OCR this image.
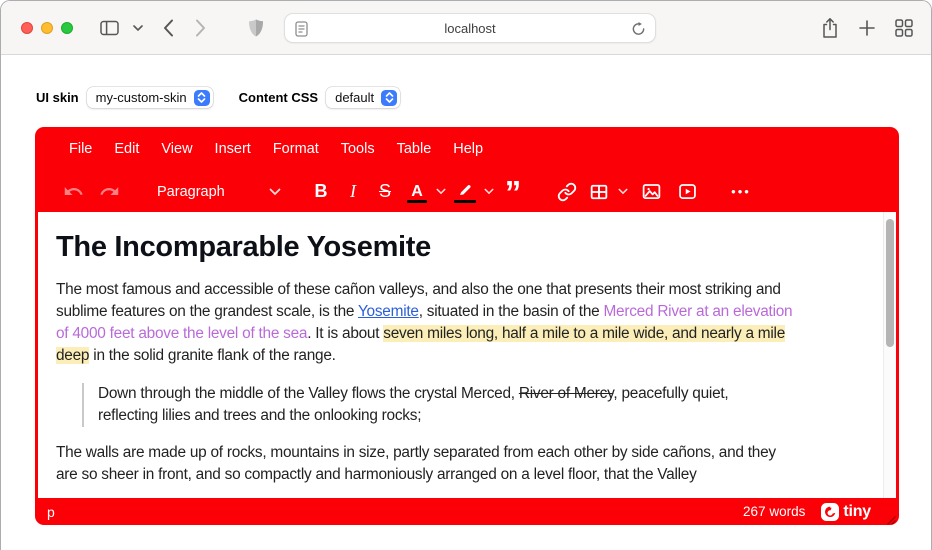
localhost
UI skin my-custom-skin	Content CSS default
File	Edit	View	Insert	Format	Tools	Table	Help
Paragraph	B I S A ”	•••
The Incomparable Yosemite
The most famous and accessible of these cañon valleys, and also the one that presents their most striking and
sublime features on the grandest scale, is the Yosemite, situated in the basin of the Merced River at an elevation
of 4000 feet above the level of the sea. It is about seven miles long, half a mile to a mile wide, and nearly a mile
deep in the solid granite flank of the range.
Down through the middle of the Valley flows the crystal Merced, River of Mercy, peacefully quiet,
reflecting lilies and trees and the onlooking rocks;
The walls are made up of rocks, mountains in size, partly separated from each other by side cañons, and they
are so sheer in front, and so compactly and harmoniously arranged on a level floor, that the Valley
p	267 words tiny
